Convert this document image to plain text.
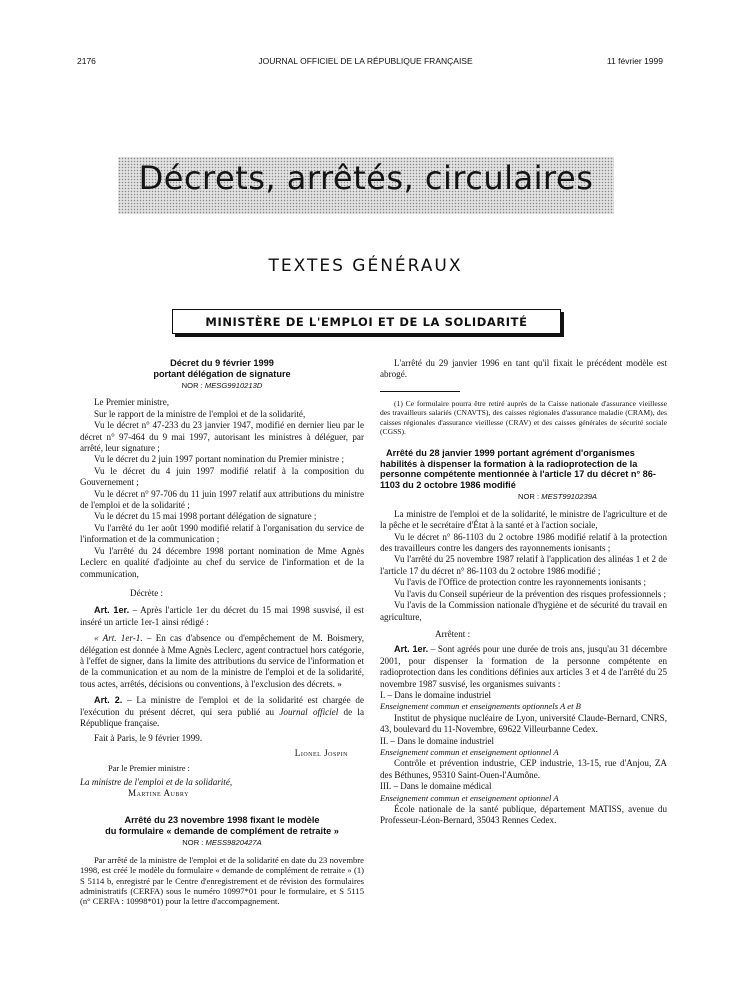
2176	JOURNAL OFFICIEL DE LA RÉPUBLIQUE FRANÇAISE	11 février 1999
Décrets, arrêtés, circulaires
TEXTES GÉNÉRAUX
MINISTÈRE DE L'EMPLOI ET DE LA SOLIDARITÉ
Décret du 9 février 1999
portant délégation de signature
NOR : MESG9910213D

Le Premier ministre,

Sur le rapport de la ministre de l'emploi et de la solidarité,

Vu le décret n° 47-233 du 23 janvier 1947, modifié en dernier lieu par le décret n° 97-464 du 9 mai 1997, autorisant les ministres à déléguer, par arrêté, leur signature ;

Vu le décret du 2 juin 1997 portant nomination du Premier ministre ;

Vu le décret du 4 juin 1997 modifié relatif à la composition du Gouvernement ;

Vu le décret n° 97-706 du 11 juin 1997 relatif aux attributions du ministre de l'emploi et de la solidarité ;

Vu le décret du 15 mai 1998 portant délégation de signature ;

Vu l'arrêté du 1er août 1990 modifié relatif à l'organisation du service de l'information et de la communication ;

Vu l'arrêté du 24 décembre 1998 portant nomination de Mme Agnès Leclerc en qualité d'adjointe au chef du service de l'information et de la communication,

Décrète :

Art. 1er. – Après l'article 1er du décret du 15 mai 1998 susvisé, il est inséré un article 1er-1 ainsi rédigé :

« Art. 1er-1. – En cas d'absence ou d'empêchement de M. Boismery, délégation est donnée à Mme Agnès Leclerc, agent contractuel hors catégorie, à l'effet de signer, dans la limite des attributions du service de l'information et de la communication et au nom de la ministre de l'emploi et de la solidarité, tous actes, arrêtés, décisions ou conventions, à l'exclusion des décrets. »

Art. 2. – La ministre de l'emploi et de la solidarité est chargée de l'exécution du présent décret, qui sera publié au Journal officiel de la République française.

Fait à Paris, le 9 février 1999.

Lionel Jospin

Par le Premier ministre :

La ministre de l'emploi et de la solidarité,

Martine Aubry

Arrêté du 23 novembre 1998 fixant le modèle
du formulaire « demande de complément de retraite »
NOR : MESS9820427A

Par arrêté de la ministre de l'emploi et de la solidarité en date du 23 novembre 1998, est créé le modèle du formulaire « demande de complément de retraite » (1) S 5114 b, enregistré par le Centre d'enregistrement et de révision des formulaires administratifs (CERFA) sous le numéro 10997*01 pour le formulaire, et S 5115 (n° CERFA : 10998*01) pour la lettre d'accompagnement.

L'arrêté du 29 janvier 1996 en tant qu'il fixait le précédent modèle est abrogé.

(1) Ce formulaire pourra être retiré auprès de la Caisse nationale d'assurance vieillesse des travailleurs salariés (CNAVTS), des caisses régionales d'assurance maladie (CRAM), des caisses régionales d'assurance vieillesse (CRAV) et des caisses générales de sécurité sociale (CGSS).

Arrêté du 28 janvier 1999 portant agrément d'organismes habilités à dispenser la formation à la radioprotection de la personne compétente mentionnée à l'article 17 du décret n° 86-1103 du 2 octobre 1986 modifié
NOR : MEST9910239A

La ministre de l'emploi et de la solidarité, le ministre de l'agriculture et de la pêche et le secrétaire d'État à la santé et à l'action sociale,

Vu le décret n° 86-1103 du 2 octobre 1986 modifié relatif à la protection des travailleurs contre les dangers des rayonnements ionisants ;

Vu l'arrêté du 25 novembre 1987 relatif à l'application des alinéas 1 et 2 de l'article 17 du décret n° 86-1103 du 2 octobre 1986 modifié ;

Vu l'avis de l'Office de protection contre les rayonnements ionisants ;

Vu l'avis du Conseil supérieur de la prévention des risques professionnels ;

Vu l'avis de la Commission nationale d'hygiène et de sécurité du travail en agriculture,

Arrêtent :

Art. 1er. – Sont agréés pour une durée de trois ans, jusqu'au 31 décembre 2001, pour dispenser la formation de la personne compétente en radioprotection dans les conditions définies aux articles 3 et 4 de l'arrêté du 25 novembre 1987 susvisé, les organismes suivants :

I. – Dans le domaine industriel

Enseignement commun et enseignements optionnels A et B

Institut de physique nucléaire de Lyon, université Claude-Bernard, CNRS, 43, boulevard du 11-Novembre, 69622 Villeurbanne Cedex.

II. – Dans le domaine industriel

Enseignement commun et enseignement optionnel A

Contrôle et prévention industrie, CEP industrie, 13-15, rue d'Anjou, ZA des Béthunes, 95310 Saint-Ouen-l'Aumône.

III. – Dans le domaine médical

Enseignement commun et enseignement optionnel A

École nationale de la santé publique, département MATISS, avenue du Professeur-Léon-Bernard, 35043 Rennes Cedex.
